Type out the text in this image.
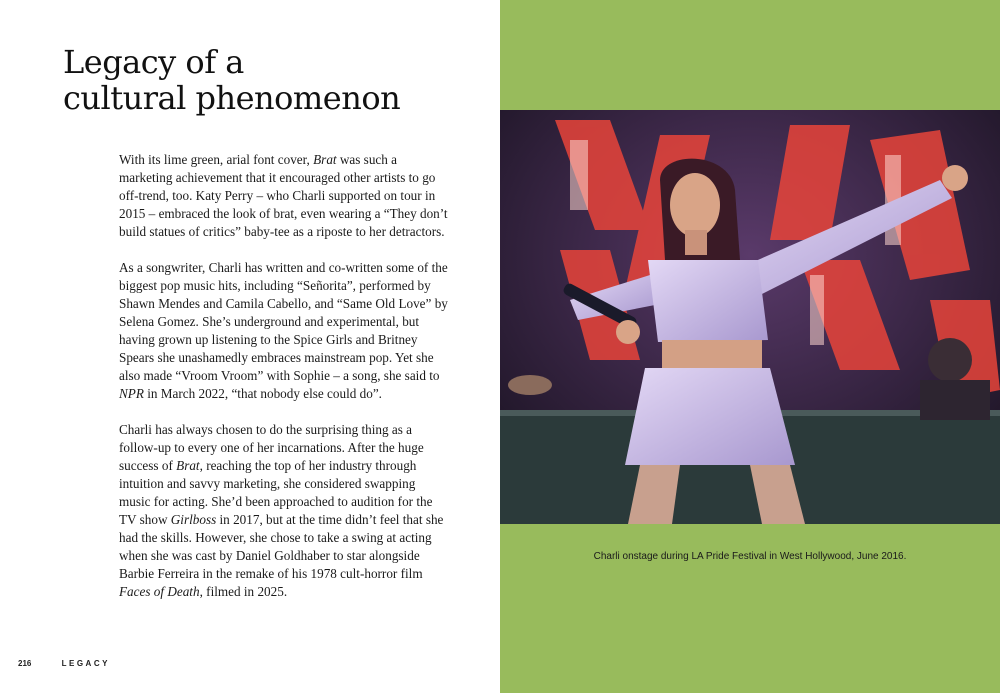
Legacy of a
cultural phenomenon

With its lime green, arial font cover, Brat was such a marketing achievement that it encouraged other artists to go off-trend, too. Katy Perry – who Charli supported on tour in 2015 – embraced the look of brat, even wearing a “They don’t build statues of critics” baby-tee as a riposte to her detractors.

As a songwriter, Charli has written and co-written some of the biggest pop music hits, including “Señorita”, performed by Shawn Mendes and Camila Cabello, and “Same Old Love” by Selena Gomez. She’s underground and experimental, but having grown up listening to the Spice Girls and Britney Spears she unashamedly embraces mainstream pop. Yet she also made “Vroom Vroom” with Sophie – a song, she said to NPR in March 2022, “that nobody else could do”.

Charli has always chosen to do the surprising thing as a follow-up to every one of her incarnations. After the huge success of Brat, reaching the top of her industry through intuition and savvy marketing, she considered swapping music for acting. She’d been approached to audition for the TV show Girlboss in 2017, but at the time didn’t feel that she had the skills. However, she chose to take a swing at acting when she was cast by Daniel Goldhaber to star alongside Barbie Ferreira in the remake of his 1978 cult-horror film Faces of Death, filmed in 2025.

216	LEGACY
Charli onstage during LA Pride Festival in West Hollywood, June 2016.
